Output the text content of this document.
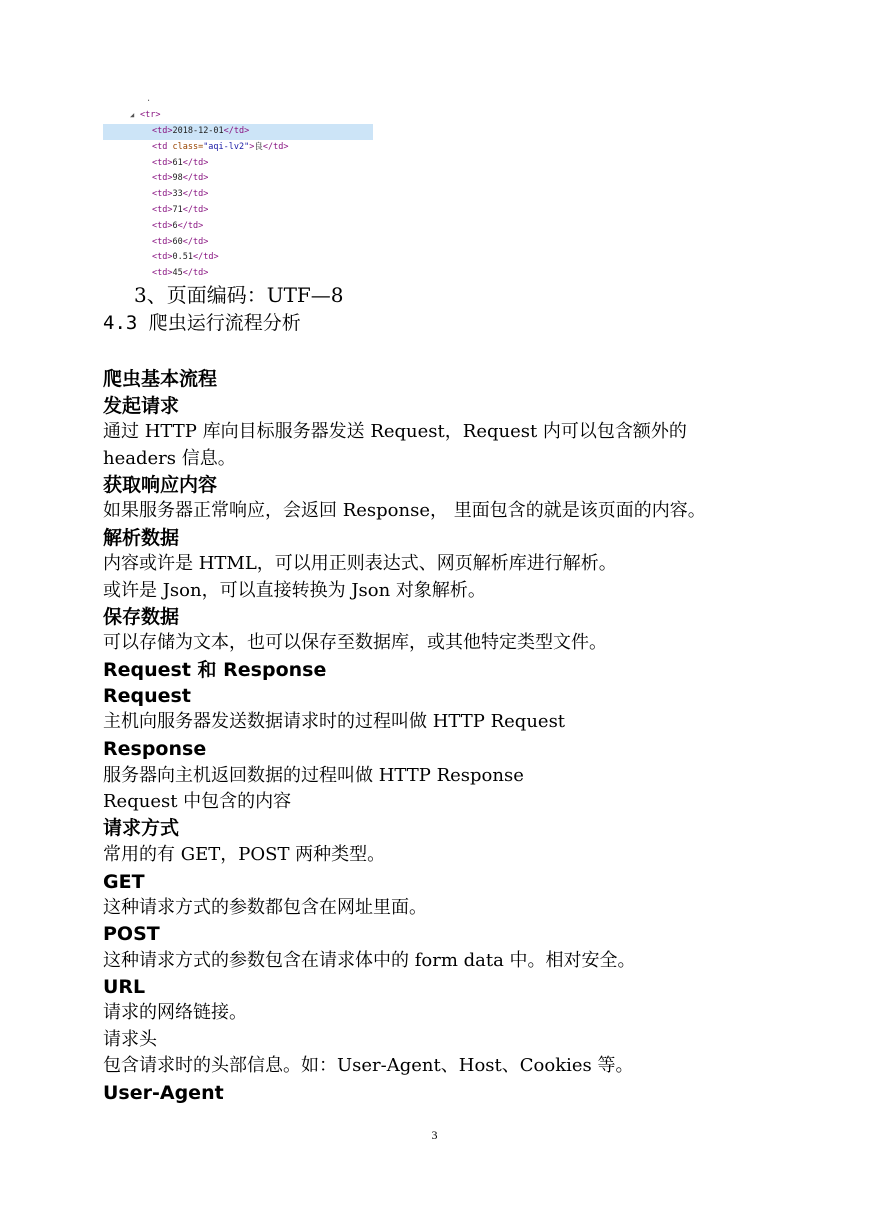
.
◢ <tr>
<td>2018-12-01</td>
<td class="aqi-lv2">良</td>
<td>61</td>
<td>98</td>
<td>33</td>
<td>71</td>
<td>6</td>
<td>60</td>
<td>0.51</td>
<td>45</td>
3、页面编码：UTF—8
4.3 爬虫运行流程分析
爬虫基本流程
发起请求
通过 HTTP 库向目标服务器发送 Request，Request 内可以包含额外的
headers 信息。
获取响应内容
如果服务器正常响应，会返回 Response， 里面包含的就是该页面的内容。
解析数据
内容或许是 HTML，可以用正则表达式、网页解析库进行解析。
或许是 Json，可以直接转换为 Json 对象解析。
保存数据
可以存储为文本，也可以保存至数据库，或其他特定类型文件。
Request 和 Response
Request
主机向服务器发送数据请求时的过程叫做 HTTP Request
Response
服务器向主机返回数据的过程叫做 HTTP Response
Request 中包含的内容
请求方式
常用的有 GET，POST 两种类型。
GET
这种请求方式的参数都包含在网址里面。
POST
这种请求方式的参数包含在请求体中的 form data 中。相对安全。
URL
请求的网络链接。
请求头
包含请求时的头部信息。如：User-Agent、Host、Cookies 等。
User-Agent
3
